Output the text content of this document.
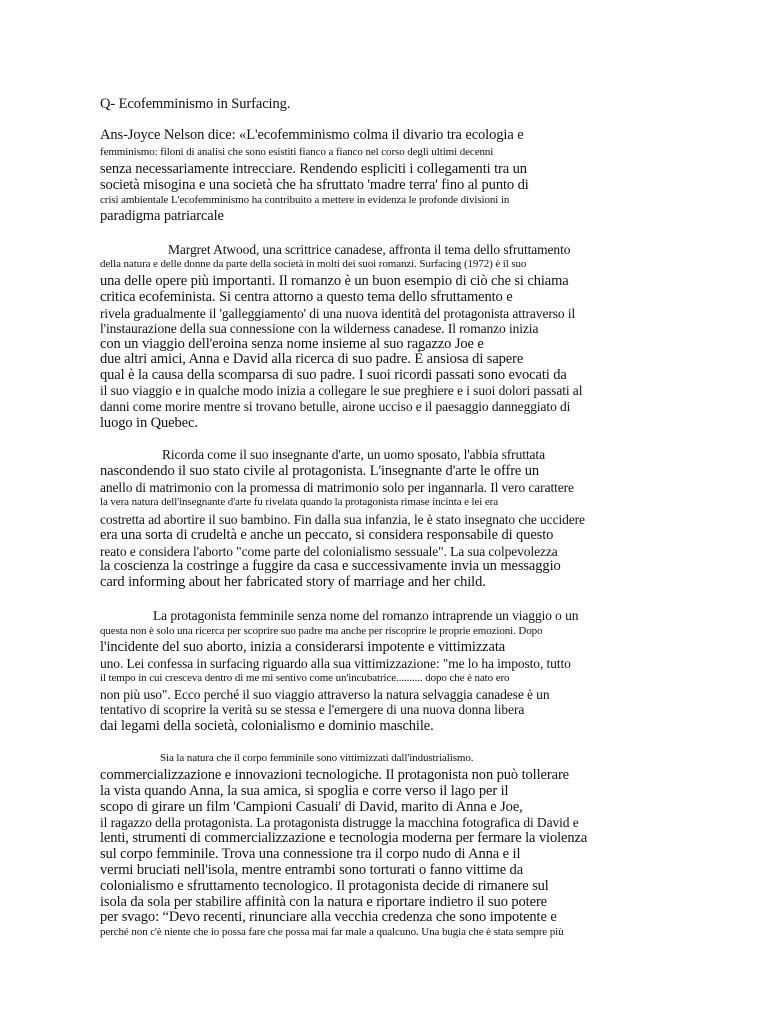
Q- Ecofemminismo in Surfacing.
Ans-Joyce Nelson dice: «L'ecofemminismo colma il divario tra ecologia e
femminismo: filoni di analisi che sono esistiti fianco a fianco nel corso degli ultimi decenni
senza necessariamente intrecciare. Rendendo espliciti i collegamenti tra un
società misogina e una società che ha sfruttato 'madre terra' fino al punto di
crisi ambientale L'ecofemminismo ha contribuito a mettere in evidenza le profonde divisioni in
paradigma patriarcale
Margret Atwood, una scrittrice canadese, affronta il tema dello sfruttamento
della natura e delle donne da parte della società in molti dei suoi romanzi. Surfacing (1972) è il suo
una delle opere più importanti. Il romanzo è un buon esempio di ciò che si chiama
critica ecofeminista. Si centra attorno a questo tema dello sfruttamento e
rivela gradualmente il 'galleggiamento' di una nuova identità del protagonista attraverso il
l'instaurazione della sua connessione con la wilderness canadese. Il romanzo inizia
con un viaggio dell'eroina senza nome insieme al suo ragazzo Joe e
due altri amici, Anna e David alla ricerca di suo padre. È ansiosa di sapere
qual è la causa della scomparsa di suo padre. I suoi ricordi passati sono evocati da
il suo viaggio e in qualche modo inizia a collegare le sue preghiere e i suoi dolori passati al
danni come morire mentre si trovano betulle, airone ucciso e il paesaggio danneggiato di
luogo in Quebec.
Ricorda come il suo insegnante d'arte, un uomo sposato, l'abbia sfruttata
nascondendo il suo stato civile al protagonista. L'insegnante d'arte le offre un
anello di matrimonio con la promessa di matrimonio solo per ingannarla. Il vero carattere
la vera natura dell'insegnante d'arte fu rivelata quando la protagonista rimase incinta e lei era
costretta ad abortire il suo bambino. Fin dalla sua infanzia, le è stato insegnato che uccidere
era una sorta di crudeltà e anche un peccato, si considera responsabile di questo
reato e considera l'aborto "come parte del colonialismo sessuale". La sua colpevolezza
la coscienza la costringe a fuggire da casa e successivamente invia un messaggio
card informing about her fabricated story of marriage and her child.
La protagonista femminile senza nome del romanzo intraprende un viaggio o un
questa non è solo una ricerca per scoprire suo padre ma anche per riscoprire le proprie emozioni. Dopo
l'incidente del suo aborto, inizia a considerarsi impotente e vittimizzata
uno. Lei confessa in surfacing riguardo alla sua vittimizzazione: "me lo ha imposto, tutto
il tempo in cui cresceva dentro di me mi sentivo come un'incubatrice.......... dopo che è nato ero
non più uso". Ecco perché il suo viaggio attraverso la natura selvaggia canadese è un
tentativo di scoprire la verità su se stessa e l'emergere di una nuova donna libera
dai legami della società, colonialismo e dominio maschile.
Sia la natura che il corpo femminile sono vittimizzati dall'industrialismo.
commercializzazione e innovazioni tecnologiche. Il protagonista non può tollerare
la vista quando Anna, la sua amica, si spoglia e corre verso il lago per il
scopo di girare un film 'Campioni Casuali' di David, marito di Anna e Joe,
il ragazzo della protagonista. La protagonista distrugge la macchina fotografica di David e
lenti, strumenti di commercializzazione e tecnologia moderna per fermare la violenza
sul corpo femminile. Trova una connessione tra il corpo nudo di Anna e il
vermi bruciati nell'isola, mentre entrambi sono torturati o fanno vittime da
colonialismo e sfruttamento tecnologico. Il protagonista decide di rimanere sul
isola da sola per stabilire affinità con la natura e riportare indietro il suo potere
per svago: “Devo recenti, rinunciare alla vecchia credenza che sono impotente e
perché non c'è niente che io possa fare che possa mai far male a qualcuno. Una bugia che è stata sempre più
